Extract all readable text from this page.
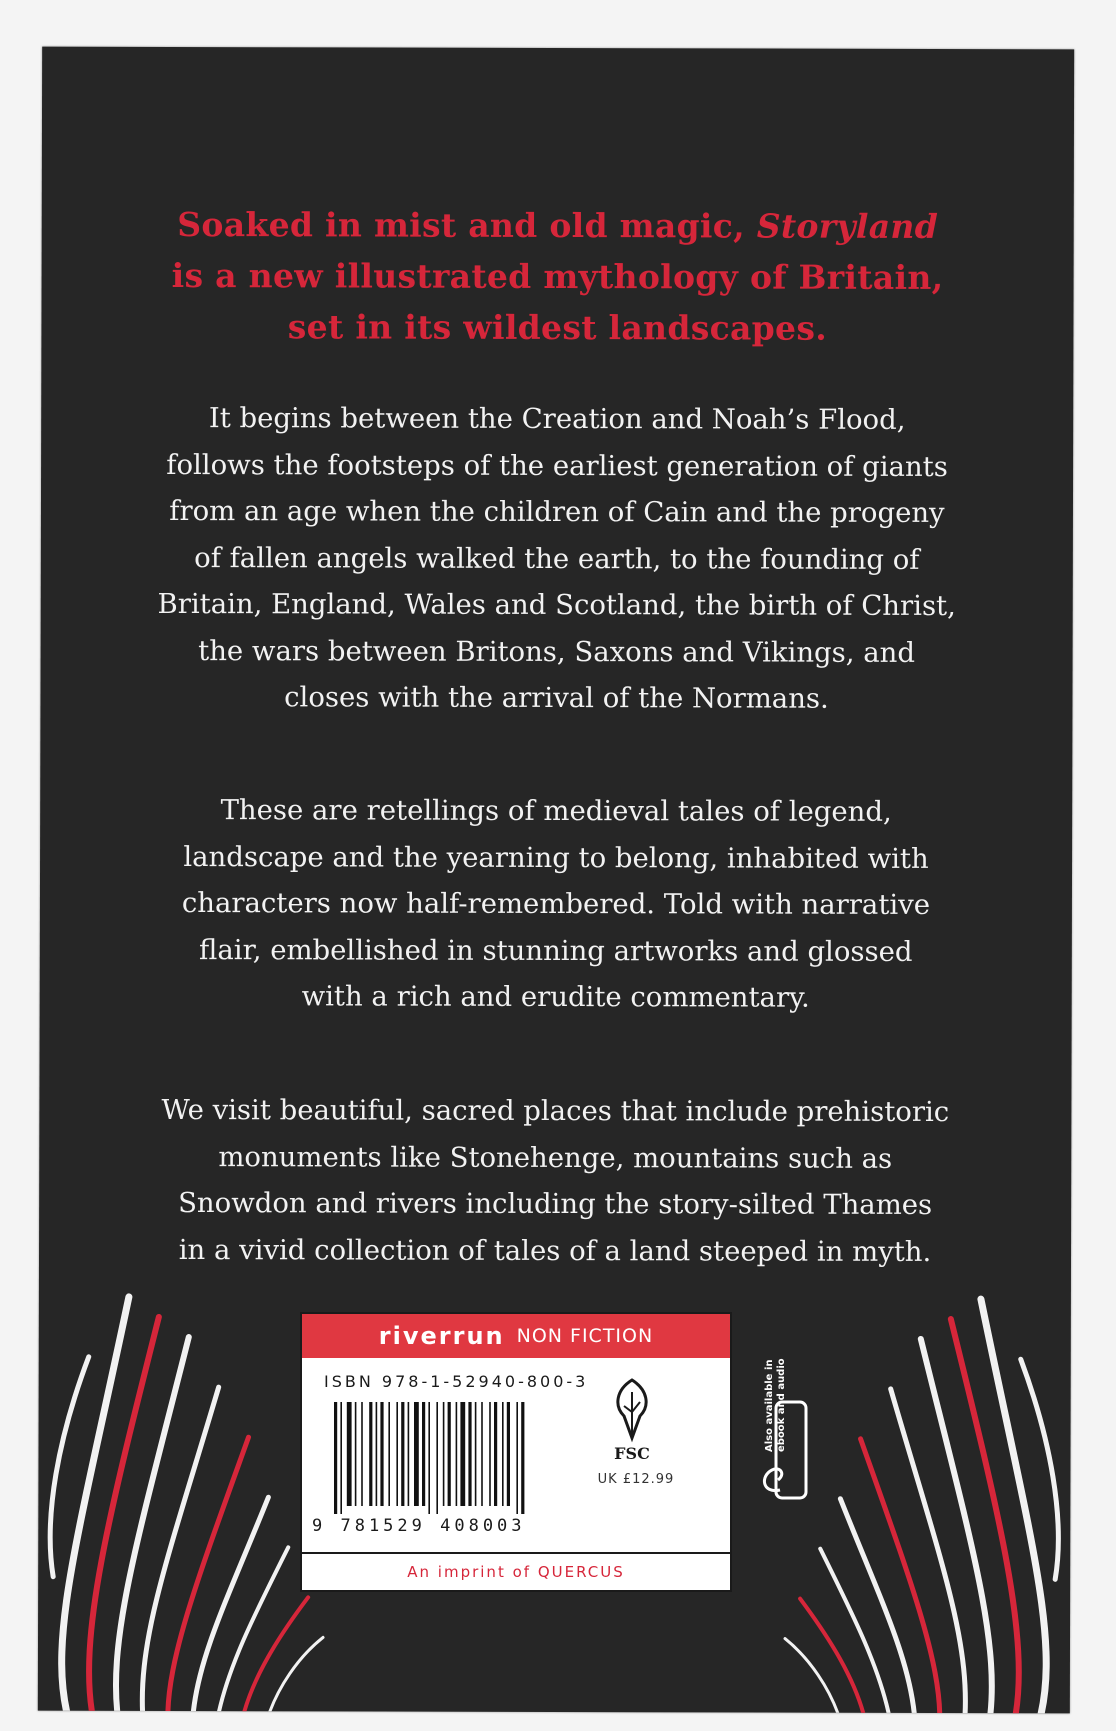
Soaked in mist and old magic, Storyland
is a new illustrated mythology of Britain,
set in its wildest landscapes.
It begins between the Creation and Noah’s Flood,
follows the footsteps of the earliest generation of giants
from an age when the children of Cain and the progeny
of fallen angels walked the earth, to the founding of
Britain, England, Wales and Scotland, the birth of Christ,
the wars between Britons, Saxons and Vikings, and
closes with the arrival of the Normans.
These are retellings of medieval tales of legend,
landscape and the yearning to belong, inhabited with
characters now half-remembered. Told with narrative
flair, embellished in stunning artworks and glossed
with a rich and erudite commentary.
We visit beautiful, sacred places that include prehistoric
monuments like Stonehenge, mountains such as
Snowdon and rivers including the story-silted Thames
in a vivid collection of tales of a land steeped in myth.
riverrun NON FICTION
ISBN 978-1-52940-800-3
9 781529 408003
FSC
UK £12.99
An imprint of QUERCUS
Also available in ebook and audio
